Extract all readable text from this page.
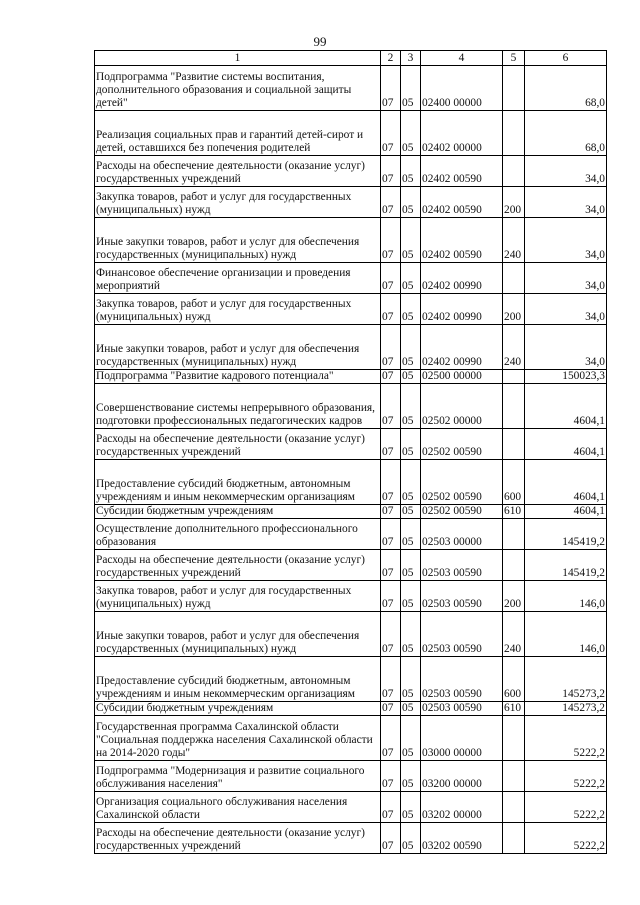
99
1	2	3	4	5	6
Подпрограмма "Развитие системы воспитания, дополнительного образования и социальной защиты детей"	07	05	02400 00000		68,0
Реализация социальных прав и гарантий детей-сирот и детей, оставшихся без попечения родителей	07	05	02402 00000		68,0
Расходы на обеспечение деятельности (оказание услуг) государственных учреждений	07	05	02402 00590		34,0
Закупка товаров, работ и услуг для государственных (муниципальных) нужд	07	05	02402 00590	200	34,0
Иные закупки товаров, работ и услуг для обеспечения государственных (муниципальных) нужд	07	05	02402 00590	240	34,0
Финансовое обеспечение организации и проведения мероприятий	07	05	02402 00990		34,0
Закупка товаров, работ и услуг для государственных (муниципальных) нужд	07	05	02402 00990	200	34,0
Иные закупки товаров, работ и услуг для обеспечения государственных (муниципальных) нужд	07	05	02402 00990	240	34,0
Подпрограмма "Развитие кадрового потенциала"	07	05	02500 00000		150023,3
Совершенствование системы непрерывного образования, подготовки профессиональных педагогических кадров	07	05	02502 00000		4604,1
Расходы на обеспечение деятельности (оказание услуг) государственных учреждений	07	05	02502 00590		4604,1
Предоставление субсидий бюджетным, автономным учреждениям и иным некоммерческим организациям	07	05	02502 00590	600	4604,1
Субсидии бюджетным учреждениям	07	05	02502 00590	610	4604,1
Осуществление дополнительного профессионального образования	07	05	02503 00000		145419,2
Расходы на обеспечение деятельности (оказание услуг) государственных учреждений	07	05	02503 00590		145419,2
Закупка товаров, работ и услуг для государственных (муниципальных) нужд	07	05	02503 00590	200	146,0
Иные закупки товаров, работ и услуг для обеспечения государственных (муниципальных) нужд	07	05	02503 00590	240	146,0
Предоставление субсидий бюджетным, автономным учреждениям и иным некоммерческим организациям	07	05	02503 00590	600	145273,2
Субсидии бюджетным учреждениям	07	05	02503 00590	610	145273,2
Государственная программа Сахалинской области "Социальная поддержка населения Сахалинской области на 2014-2020 годы"	07	05	03000 00000		5222,2
Подпрограмма "Модернизация и развитие социального обслуживания населения"	07	05	03200 00000		5222,2
Организация социального обслуживания населения Сахалинской области	07	05	03202 00000		5222,2
Расходы на обеспечение деятельности (оказание услуг) государственных учреждений	07	05	03202 00590		5222,2
